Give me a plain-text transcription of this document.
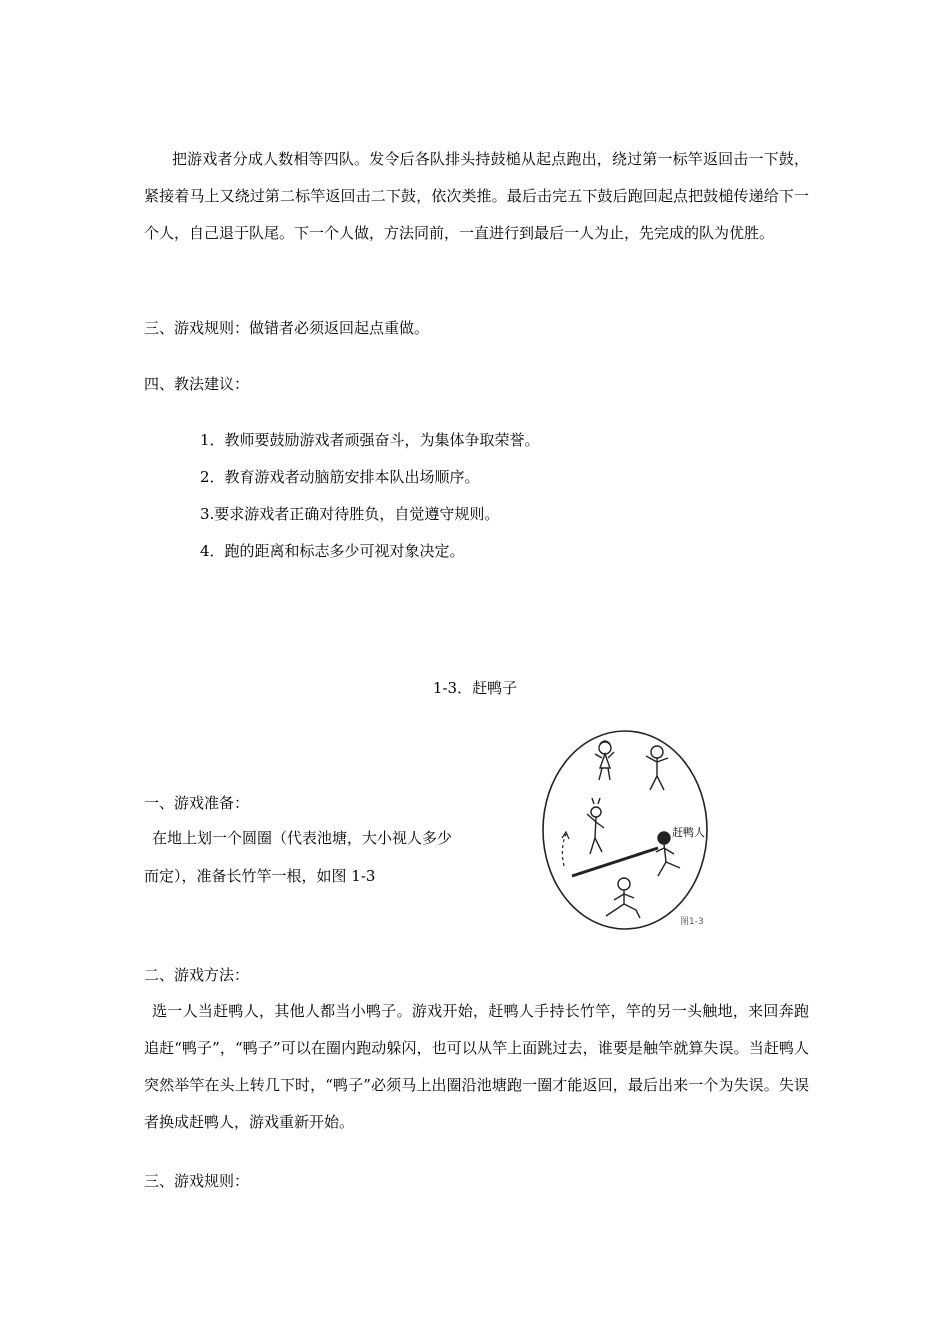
把游戏者分成人数相等四队。发令后各队排头持鼓槌从起点跑出，绕过第一标竿返回击一下鼓，紧接着马上又绕过第二标竿返回击二下鼓，依次类推。最后击完五下鼓后跑回起点把鼓槌传递给下一个人，自己退于队尾。下一个人做，方法同前，一直进行到最后一人为止，先完成的队为优胜。
三、游戏规则：做错者必须返回起点重做。
四、教法建议：
1．教师要鼓励游戏者顽强奋斗，为集体争取荣誉。
2．教育游戏者动脑筋安排本队出场顺序。
3.要求游戏者正确对待胜负，自觉遵守规则。
4．跑的距离和标志多少可视对象决定。
1-3．赶鸭子
一、游戏准备：
在地上划一个圆圈（代表池塘，大小视人多少
而定），准备长竹竿一根，如图 1-3
赶鸭人
图1-3
二、游戏方法：
选一人当赶鸭人，其他人都当小鸭子。游戏开始，赶鸭人手持长竹竿，竿的另一头触地，来回奔跑追赶“鸭子”，“鸭子”可以在圈内跑动躲闪，也可以从竿上面跳过去，谁要是触竿就算失误。当赶鸭人突然举竿在头上转几下时，“鸭子”必须马上出圈沿池塘跑一圈才能返回，最后出来一个为失误。失误者换成赶鸭人，游戏重新开始。
三、游戏规则：
